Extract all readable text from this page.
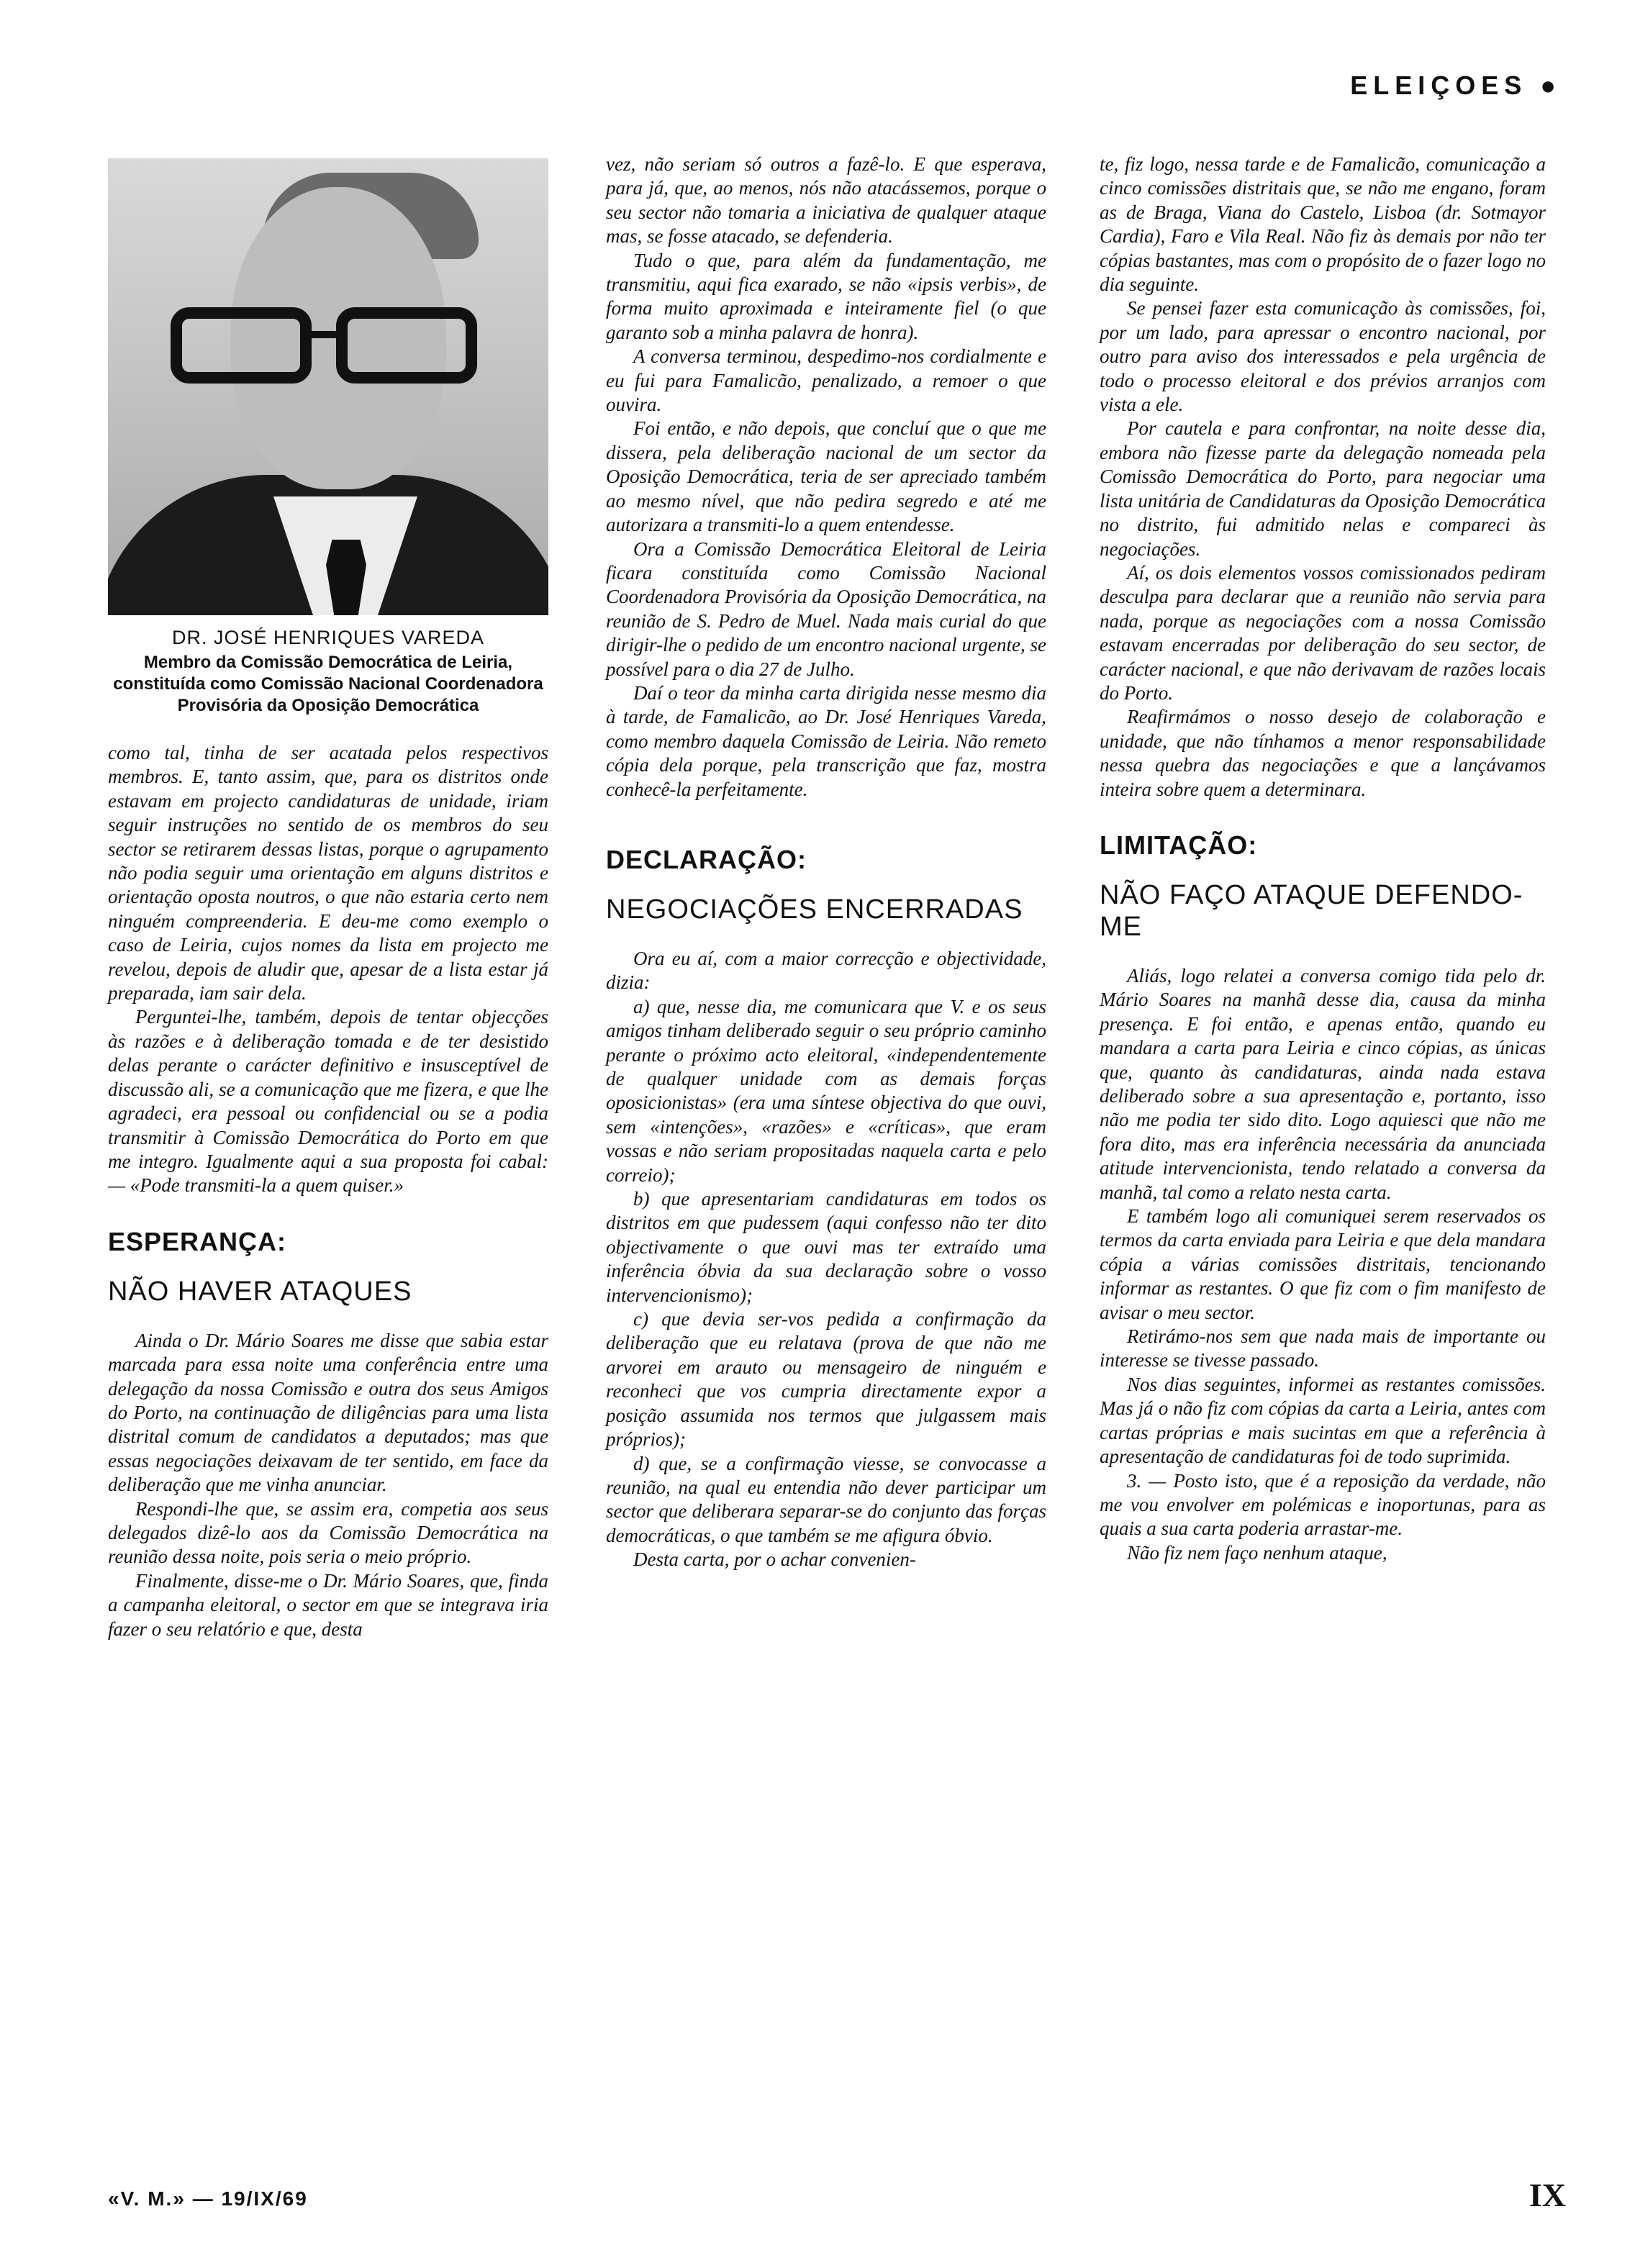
ELEIÇOES ●
DR. JOSÉ HENRIQUES VAREDA
Membro da Comissão Democrática de Leiria, constituída como Comissão Nacional Coordenadora Provisória da Oposição Democrática

como tal, tinha de ser acatada pelos respectivos membros. E, tanto assim, que, para os distritos onde estavam em projecto candidaturas de unidade, iriam seguir instruções no sentido de os membros do seu sector se retirarem dessas listas, porque o agrupamento não podia seguir uma orientação em alguns distritos e orientação oposta noutros, o que não estaria certo nem ninguém compreenderia. E deu-me como exemplo o caso de Leiria, cujos nomes da lista em projecto me revelou, depois de aludir que, apesar de a lista estar já preparada, iam sair dela.

Perguntei-lhe, também, depois de tentar objecções às razões e à deliberação tomada e de ter desistido delas perante o carácter definitivo e insusceptível de discussão ali, se a comunicação que me fizera, e que lhe agradeci, era pessoal ou confidencial ou se a podia transmitir à Comissão Democrática do Porto em que me integro. Igualmente aqui a sua proposta foi cabal: — «Pode transmiti-la a quem quiser.»

ESPERANÇA:
NÃO HAVER ATAQUES

Ainda o Dr. Mário Soares me disse que sabia estar marcada para essa noite uma conferência entre uma delegação da nossa Comissão e outra dos seus Amigos do Porto, na continuação de diligências para uma lista distrital comum de candidatos a deputados; mas que essas negociações deixavam de ter sentido, em face da deliberação que me vinha anunciar.

Respondi-lhe que, se assim era, competia aos seus delegados dizê-lo aos da Comissão Democrática na reunião dessa noite, pois seria o meio próprio.

Finalmente, disse-me o Dr. Mário Soares, que, finda a campanha eleitoral, o sector em que se integrava iria fazer o seu relatório e que, desta

vez, não seriam só outros a fazê-lo. E que esperava, para já, que, ao menos, nós não atacássemos, porque o seu sector não tomaria a iniciativa de qualquer ataque mas, se fosse atacado, se defenderia.

Tudo o que, para além da fundamentação, me transmitiu, aqui fica exarado, se não «ipsis verbis», de forma muito aproximada e inteiramente fiel (o que garanto sob a minha palavra de honra).

A conversa terminou, despedimo-nos cordialmente e eu fui para Famalicão, penalizado, a remoer o que ouvira.

Foi então, e não depois, que concluí que o que me dissera, pela deliberação nacional de um sector da Oposição Democrática, teria de ser apreciado também ao mesmo nível, que não pedira segredo e até me autorizara a transmiti-lo a quem entendesse.

Ora a Comissão Democrática Eleitoral de Leiria ficara constituída como Comissão Nacional Coordenadora Provisória da Oposição Democrática, na reunião de S. Pedro de Muel. Nada mais curial do que dirigir-lhe o pedido de um encontro nacional urgente, se possível para o dia 27 de Julho.

Daí o teor da minha carta dirigida nesse mesmo dia à tarde, de Famalicão, ao Dr. José Henriques Vareda, como membro daquela Comissão de Leiria. Não remeto cópia dela porque, pela transcrição que faz, mostra conhecê-la perfeitamente.

DECLARAÇÃO:
NEGOCIAÇÕES ENCERRADAS

Ora eu aí, com a maior correcção e objectividade, dizia:

a) que, nesse dia, me comunicara que V. e os seus amigos tinham deliberado seguir o seu próprio caminho perante o próximo acto eleitoral, «independentemente de qualquer unidade com as demais forças oposicionistas» (era uma síntese objectiva do que ouvi, sem «intenções», «razões» e «críticas», que eram vossas e não seriam propositadas naquela carta e pelo correio);

b) que apresentariam candidaturas em todos os distritos em que pudessem (aqui confesso não ter dito objectivamente o que ouvi mas ter extraído uma inferência óbvia da sua declaração sobre o vosso intervencionismo);

c) que devia ser-vos pedida a confirmação da deliberação que eu relatava (prova de que não me arvorei em arauto ou mensageiro de ninguém e reconheci que vos cumpria directamente expor a posição assumida nos termos que julgassem mais próprios);

d) que, se a confirmação viesse, se convocasse a reunião, na qual eu entendia não dever participar um sector que deliberara separar-se do conjunto das forças democráticas, o que também se me afigura óbvio.

Desta carta, por o achar convenien-

te, fiz logo, nessa tarde e de Famalicão, comunicação a cinco comissões distritais que, se não me engano, foram as de Braga, Viana do Castelo, Lisboa (dr. Sotmayor Cardia), Faro e Vila Real. Não fiz às demais por não ter cópias bastantes, mas com o propósito de o fazer logo no dia seguinte.

Se pensei fazer esta comunicação às comissões, foi, por um lado, para apressar o encontro nacional, por outro para aviso dos interessados e pela urgência de todo o processo eleitoral e dos prévios arranjos com vista a ele.

Por cautela e para confrontar, na noite desse dia, embora não fizesse parte da delegação nomeada pela Comissão Democrática do Porto, para negociar uma lista unitária de Candidaturas da Oposição Democrática no distrito, fui admitido nelas e compareci às negociações.

Aí, os dois elementos vossos comissionados pediram desculpa para declarar que a reunião não servia para nada, porque as negociações com a nossa Comissão estavam encerradas por deliberação do seu sector, de carácter nacional, e que não derivavam de razões locais do Porto.

Reafirmámos o nosso desejo de colaboração e unidade, que não tínhamos a menor responsabilidade nessa quebra das negociações e que a lançávamos inteira sobre quem a determinara.

LIMITAÇÃO:
NÃO FAÇO ATAQUE DEFENDO-ME

Aliás, logo relatei a conversa comigo tida pelo dr. Mário Soares na manhã desse dia, causa da minha presença. E foi então, e apenas então, quando eu mandara a carta para Leiria e cinco cópias, as únicas que, quanto às candidaturas, ainda nada estava deliberado sobre a sua apresentação e, portanto, isso não me podia ter sido dito. Logo aquiesci que não me fora dito, mas era inferência necessária da anunciada atitude intervencionista, tendo relatado a conversa da manhã, tal como a relato nesta carta.

E também logo ali comuniquei serem reservados os termos da carta enviada para Leiria e que dela mandara cópia a várias comissões distritais, tencionando informar as restantes. O que fiz com o fim manifesto de avisar o meu sector.

Retirámo-nos sem que nada mais de importante ou interesse se tivesse passado.

Nos dias seguintes, informei as restantes comissões. Mas já o não fiz com cópias da carta a Leiria, antes com cartas próprias e mais sucintas em que a referência à apresentação de candidaturas foi de todo suprimida.

3. — Posto isto, que é a reposição da verdade, não me vou envolver em polémicas e inoportunas, para as quais a sua carta poderia arrastar-me.

Não fiz nem faço nenhum ataque,

«V. M.» — 19/IX/69	IX
